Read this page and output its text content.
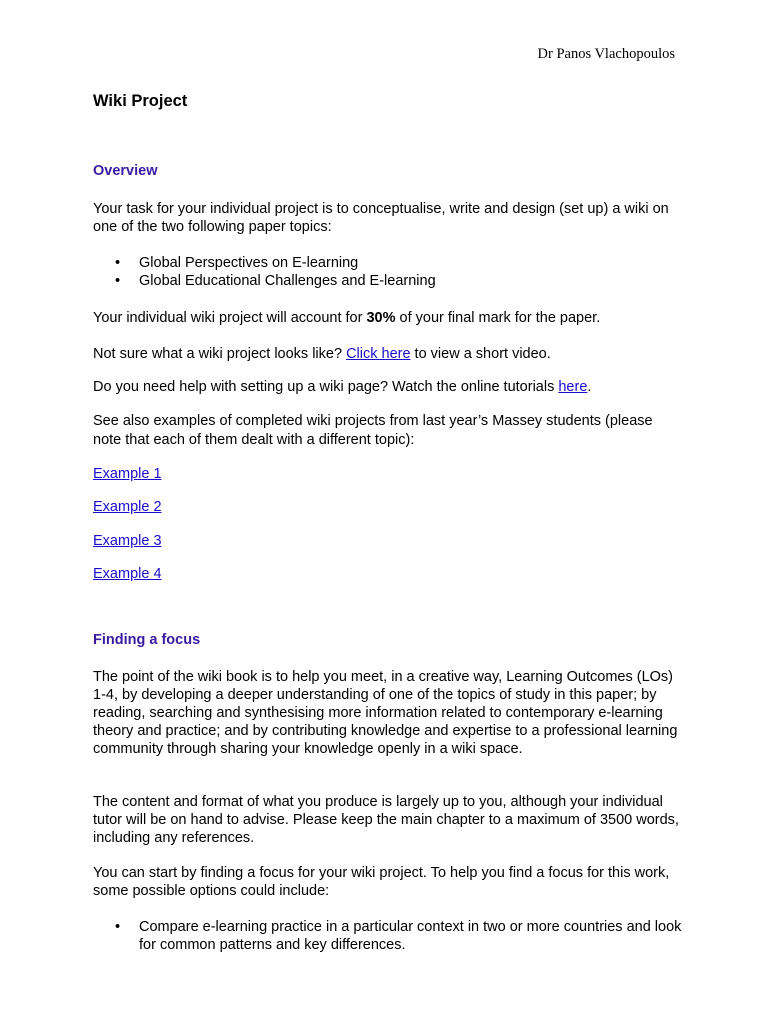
Dr Panos Vlachopoulos
Wiki Project
Overview

Your task for your individual project is to conceptualise, write and design (set up) a wiki on one of the two following paper topics:

• Global Perspectives on E-learning
• Global Educational Challenges and E-learning

Your individual wiki project will account for 30% of your final mark for the paper.

Not sure what a wiki project looks like? Click here to view a short video.

Do you need help with setting up a wiki page? Watch the online tutorials here.

See also examples of completed wiki projects from last year’s Massey students (please note that each of them dealt with a different topic):

Example 1
Example 2
Example 3
Example 4
Finding a focus

The point of the wiki book is to help you meet, in a creative way, Learning Outcomes (LOs) 1-4, by developing a deeper understanding of one of the topics of study in this paper; by reading, searching and synthesising more information related to contemporary e-learning theory and practice; and by contributing knowledge and expertise to a professional learning community through sharing your knowledge openly in a wiki space.

The content and format of what you produce is largely up to you, although your individual tutor will be on hand to advise. Please keep the main chapter to a maximum of 3500 words, including any references.

You can start by finding a focus for your wiki project. To help you find a focus for this work, some possible options could include:

• Compare e-learning practice in a particular context in two or more countries and look for common patterns and key differences.
